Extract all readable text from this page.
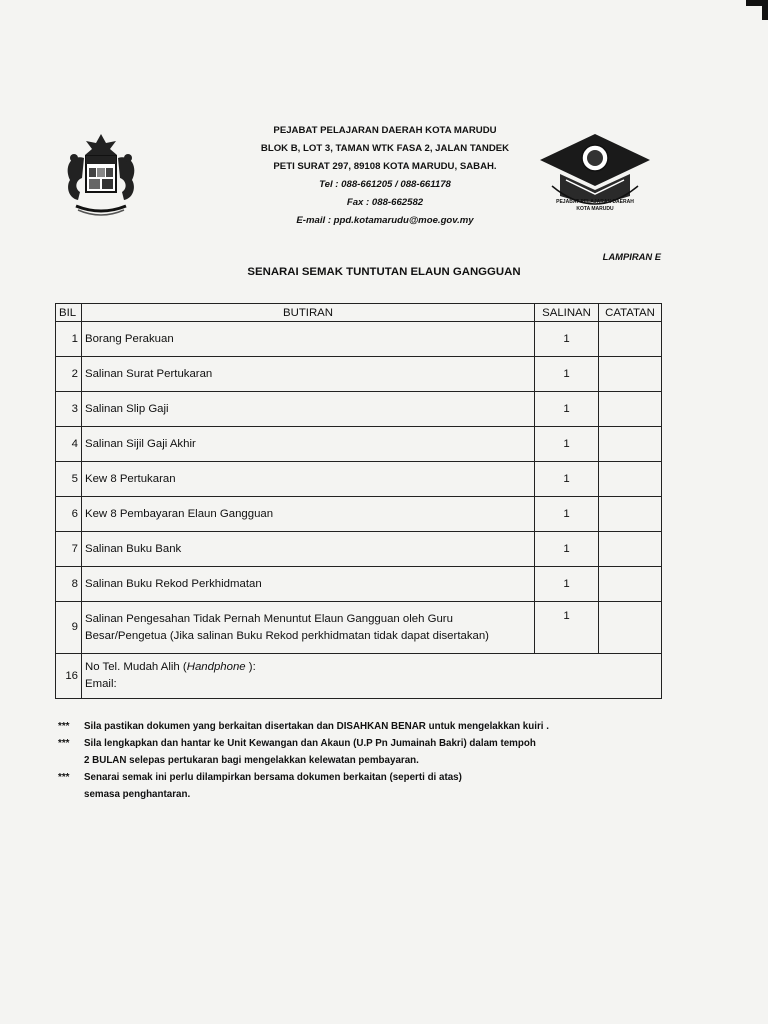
PEJABAT PELAJARAN DAERAH
KOTA MARUDU
PEJABAT PELAJARAN DAERAH KOTA MARUDU
BLOK B, LOT 3, TAMAN WTK FASA 2, JALAN TANDEK
PETI SURAT 297, 89108 KOTA MARUDU, SABAH.
Tel : 088-661205 / 088-661178
Fax : 088-662582
E-mail : ppd.kotamarudu@moe.gov.my
LAMPIRAN E
SENARAI SEMAK TUNTUTAN ELAUN GANGGUAN
BIL	BUTIRAN	SALINAN	CATATAN
1	Borang Perakuan	1	
2	Salinan Surat Pertukaran	1	
3	Salinan Slip Gaji	1	
4	Salinan Sijil Gaji Akhir	1	
5	Kew 8 Pertukaran	1	
6	Kew 8 Pembayaran Elaun Gangguan	1	
7	Salinan Buku Bank	1	
8	Salinan Buku Rekod Perkhidmatan	1	
9	Salinan Pengesahan Tidak Pernah Menuntut Elaun Gangguan oleh Guru
Besar/Pengetua (Jika salinan Buku Rekod perkhidmatan tidak dapat disertakan)	1	
16	No Tel. Mudah Alih (Handphone ):
Email:		
***	Sila pastikan dokumen yang berkaitan disertakan dan DISAHKAN BENAR untuk mengelakkan kuiri .
***	Sila lengkapkan dan hantar ke Unit Kewangan dan Akaun (U.P Pn Jumainah Bakri) dalam tempoh
2 BULAN selepas pertukaran bagi mengelakkan kelewatan pembayaran.
***	Senarai semak ini perlu dilampirkan bersama dokumen berkaitan (seperti di atas)
semasa penghantaran.
